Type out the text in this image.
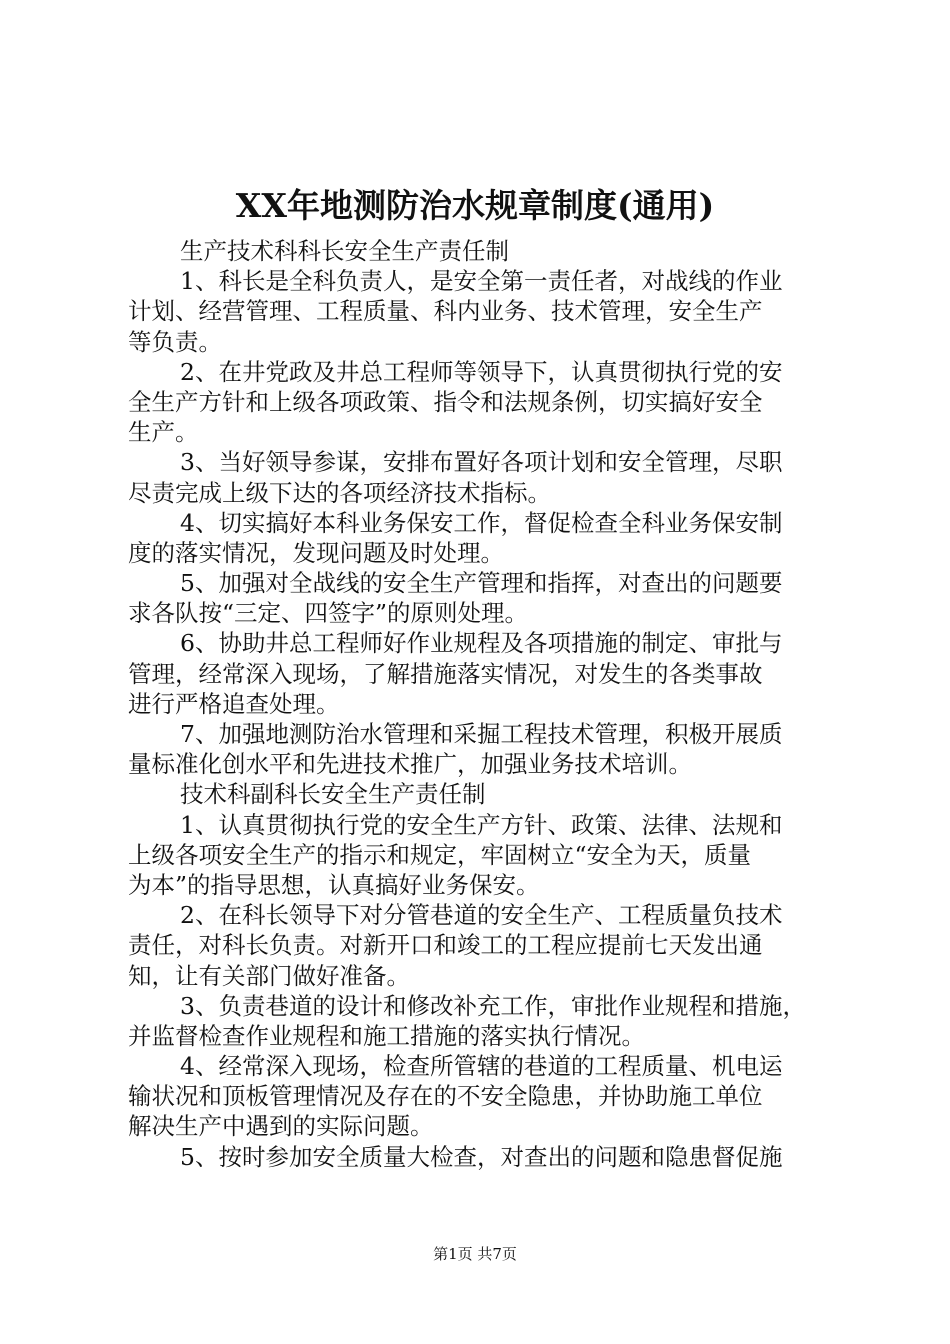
XX年地测防治水规章制度(通用)
生产技术科科长安全生产责任制
1、科长是全科负责人，是安全第一责任者，对战线的作业
计划、经营管理、工程质量、科内业务、技术管理，安全生产
等负责。
2、在井党政及井总工程师等领导下，认真贯彻执行党的安
全生产方针和上级各项政策、指令和法规条例，切实搞好安全
生产。
3、当好领导参谋，安排布置好各项计划和安全管理，尽职
尽责完成上级下达的各项经济技术指标。
4、切实搞好本科业务保安工作，督促检查全科业务保安制
度的落实情况，发现问题及时处理。
5、加强对全战线的安全生产管理和指挥，对查出的问题要
求各队按“三定、四签字”的原则处理。
6、协助井总工程师好作业规程及各项措施的制定、审批与
管理，经常深入现场，了解措施落实情况，对发生的各类事故
进行严格追查处理。
7、加强地测防治水管理和采掘工程技术管理，积极开展质
量标准化创水平和先进技术推广，加强业务技术培训。
技术科副科长安全生产责任制
1、认真贯彻执行党的安全生产方针、政策、法律、法规和
上级各项安全生产的指示和规定，牢固树立“安全为天，质量
为本”的指导思想，认真搞好业务保安。
2、在科长领导下对分管巷道的安全生产、工程质量负技术
责任，对科长负责。对新开口和竣工的工程应提前七天发出通
知，让有关部门做好准备。
3、负责巷道的设计和修改补充工作，审批作业规程和措施，
并监督检查作业规程和施工措施的落实执行情况。
4、经常深入现场，检查所管辖的巷道的工程质量、机电运
输状况和顶板管理情况及存在的不安全隐患，并协助施工单位
解决生产中遇到的实际问题。
5、按时参加安全质量大检查，对查出的问题和隐患督促施
第1页 共7页
